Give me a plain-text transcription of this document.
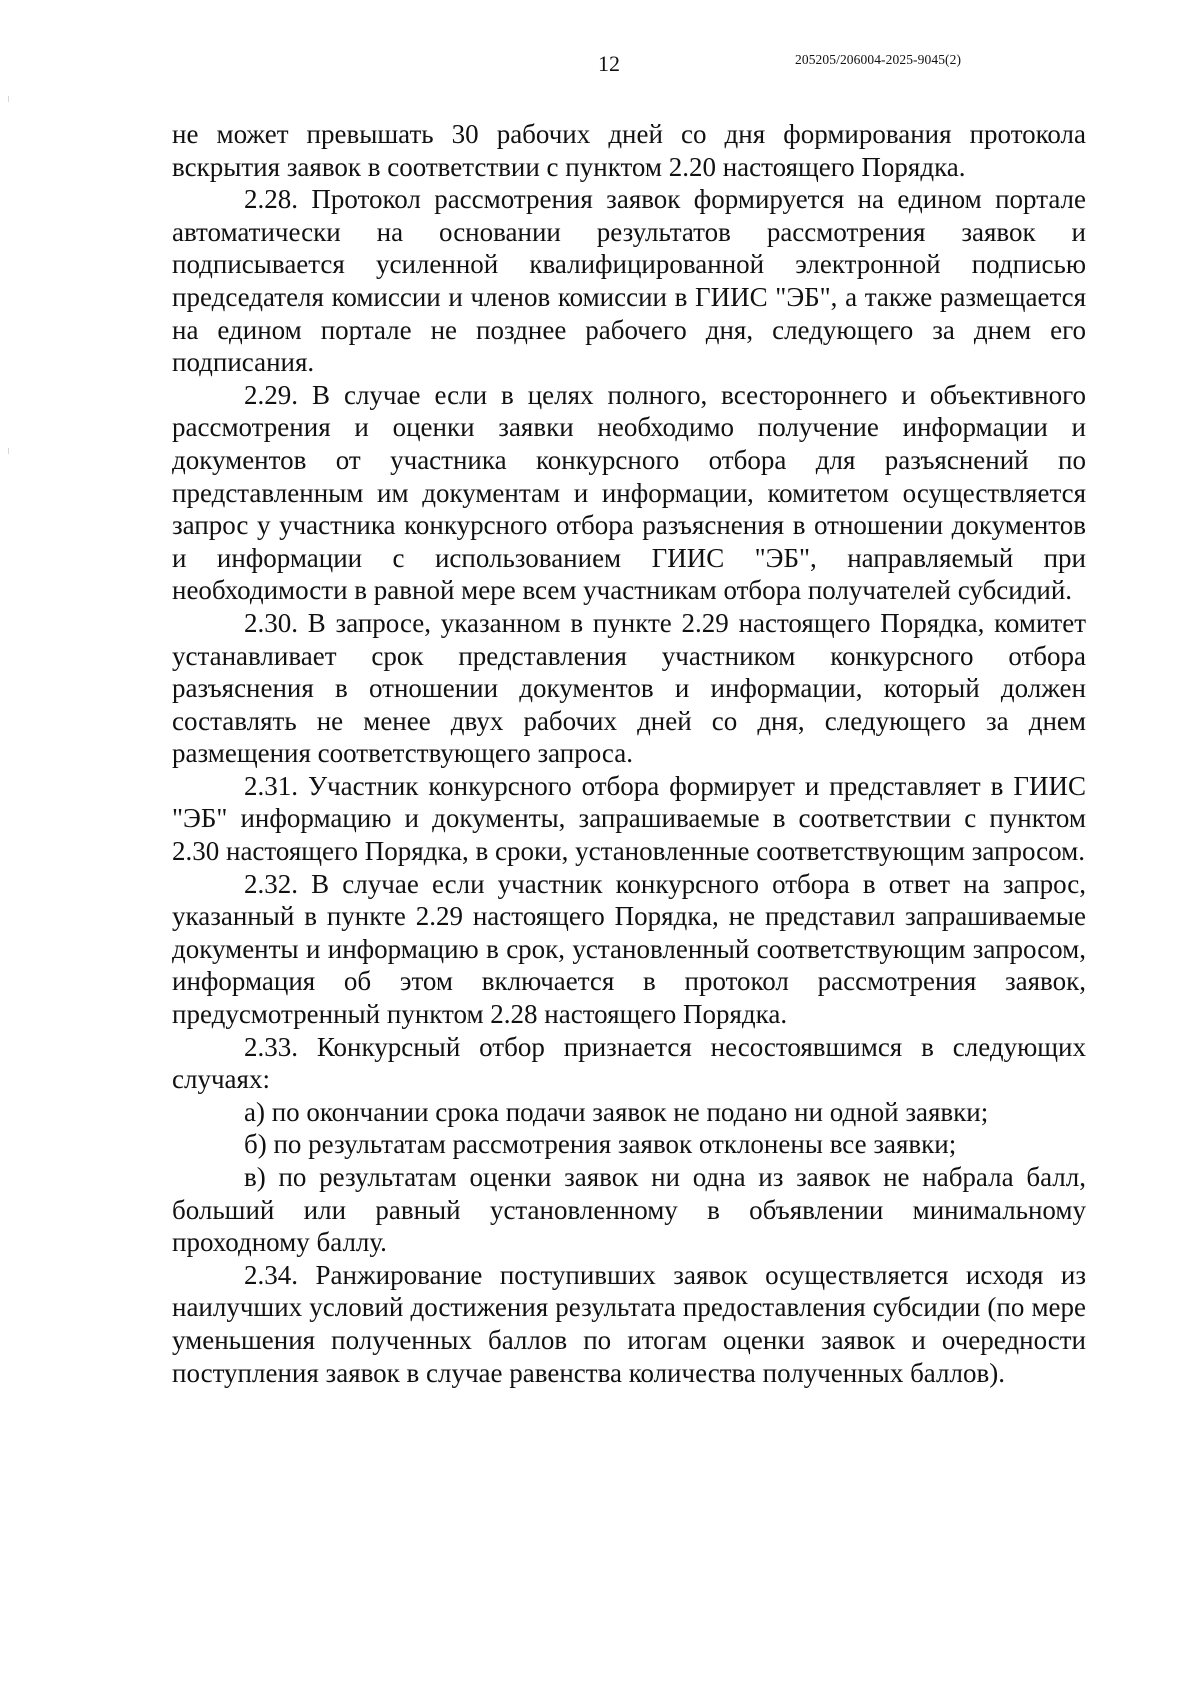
12	205205/206004-2025-9045(2)

не может превышать 30 рабочих дней со дня формирования протокола вскрытия заявок в соответствии с пунктом 2.20 настоящего Порядка.

2.28. Протокол рассмотрения заявок формируется на едином портале автоматически на основании результатов рассмотрения заявок и подписывается усиленной квалифицированной электронной подписью председателя комиссии и членов комиссии в ГИИС "ЭБ", а также размещается на едином портале не позднее рабочего дня, следующего за днем его подписания.

2.29. В случае если в целях полного, всестороннего и объективного рассмотрения и оценки заявки необходимо получение информации и документов от участника конкурсного отбора для разъяснений по представленным им документам и информации, комитетом осуществляется запрос у участника конкурсного отбора разъяснения в отношении документов и информации с использованием ГИИС "ЭБ", направляемый при необходимости в равной мере всем участникам отбора получателей субсидий.

2.30. В запросе, указанном в пункте 2.29 настоящего Порядка, комитет устанавливает срок представления участником конкурсного отбора разъяснения в отношении документов и информации, который должен составлять не менее двух рабочих дней со дня, следующего за днем размещения соответствующего запроса.

2.31. Участник конкурсного отбора формирует и представляет в ГИИС "ЭБ" информацию и документы, запрашиваемые в соответствии с пунктом 2.30 настоящего Порядка, в сроки, установленные соответствующим запросом.

2.32. В случае если участник конкурсного отбора в ответ на запрос, указанный в пункте 2.29 настоящего Порядка, не представил запрашиваемые документы и информацию в срок, установленный соответствующим запросом, информация об этом включается в протокол рассмотрения заявок, предусмотренный пунктом 2.28 настоящего Порядка.

2.33. Конкурсный отбор признается несостоявшимся в следующих случаях:

а) по окончании срока подачи заявок не подано ни одной заявки;

б) по результатам рассмотрения заявок отклонены все заявки;

в) по результатам оценки заявок ни одна из заявок не набрала балл, больший или равный установленному в объявлении минимальному проходному баллу.

2.34. Ранжирование поступивших заявок осуществляется исходя из наилучших условий достижения результата предоставления субсидии (по мере уменьшения полученных баллов по итогам оценки заявок и очередности поступления заявок в случае равенства количества полученных баллов).
